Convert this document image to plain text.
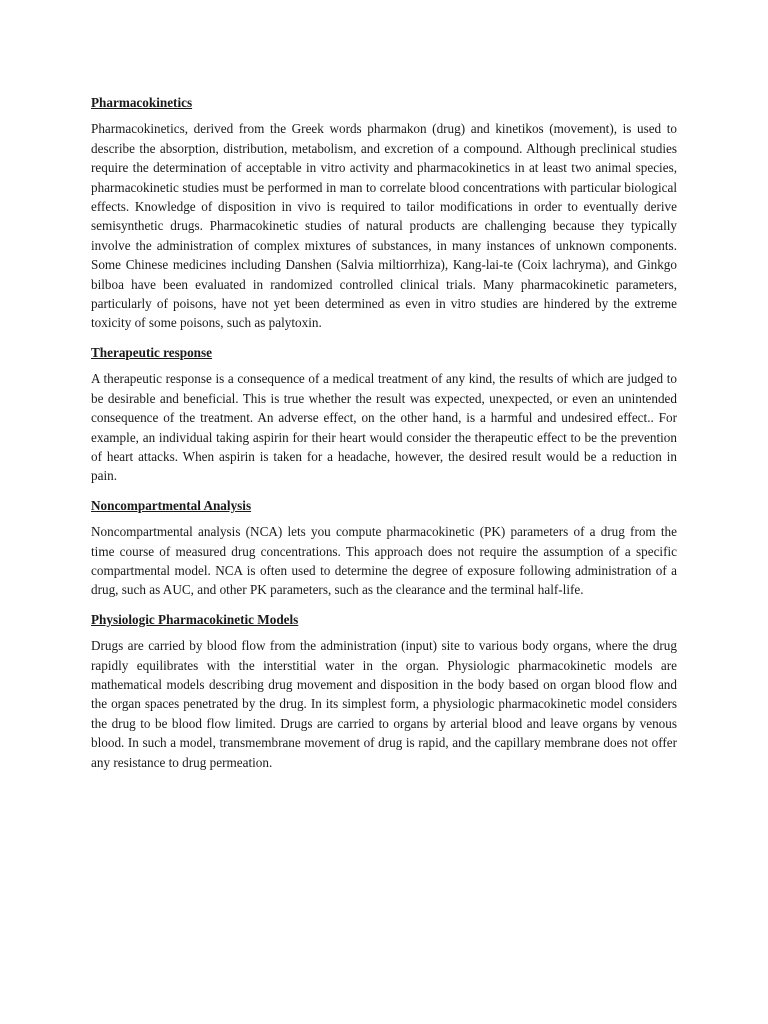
Pharmacokinetics

Pharmacokinetics, derived from the Greek words pharmakon (drug) and kinetikos (movement), is used to describe the absorption, distribution, metabolism, and excretion of a compound. Although preclinical studies require the determination of acceptable in vitro activity and pharmacokinetics in at least two animal species, pharmacokinetic studies must be performed in man to correlate blood concentrations with particular biological effects. Knowledge of disposition in vivo is required to tailor modifications in order to eventually derive semisynthetic drugs. Pharmacokinetic studies of natural products are challenging because they typically involve the administration of complex mixtures of substances, in many instances of unknown components. Some Chinese medicines including Danshen (Salvia miltiorrhiza), Kang-lai-te (Coix lachryma), and Ginkgo bilboa have been evaluated in randomized controlled clinical trials. Many pharmacokinetic parameters, particularly of poisons, have not yet been determined as even in vitro studies are hindered by the extreme toxicity of some poisons, such as palytoxin.

Therapeutic response

A therapeutic response is a consequence of a medical treatment of any kind, the results of which are judged to be desirable and beneficial. This is true whether the result was expected, unexpected, or even an unintended consequence of the treatment. An adverse effect, on the other hand, is a harmful and undesired effect.. For example, an individual taking aspirin for their heart would consider the therapeutic effect to be the prevention of heart attacks. When aspirin is taken for a headache, however, the desired result would be a reduction in pain.

Noncompartmental Analysis

Noncompartmental analysis (NCA) lets you compute pharmacokinetic (PK) parameters of a drug from the time course of measured drug concentrations. This approach does not require the assumption of a specific compartmental model. NCA is often used to determine the degree of exposure following administration of a drug, such as AUC, and other PK parameters, such as the clearance and the terminal half-life.

Physiologic Pharmacokinetic Models

Drugs are carried by blood flow from the administration (input) site to various body organs, where the drug rapidly equilibrates with the interstitial water in the organ. Physiologic pharmacokinetic models are mathematical models describing drug movement and disposition in the body based on organ blood flow and the organ spaces penetrated by the drug. In its simplest form, a physiologic pharmacokinetic model considers the drug to be blood flow limited. Drugs are carried to organs by arterial blood and leave organs by venous blood. In such a model, transmembrane movement of drug is rapid, and the capillary membrane does not offer any resistance to drug permeation.
